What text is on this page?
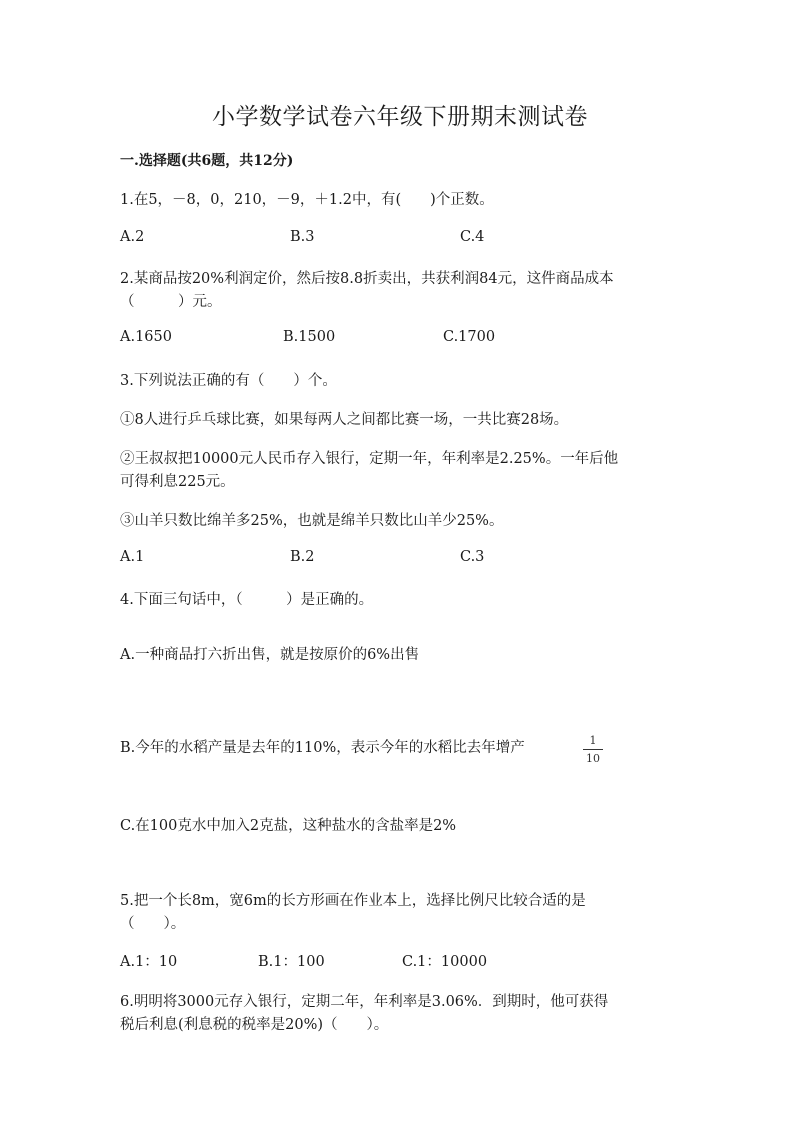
小学数学试卷六年级下册期末测试卷
一.选择题(共6题，共12分)
1.在5，－8，0，210，－9，＋1.2中，有(　　)个正数。
A.2	B.3	C.4
2.某商品按20%利润定价，然后按8.8折卖出，共获利润84元，这件商品成本
（　　　）元。
A.1650	B.1500	C.1700
3.下列说法正确的有（　　）个。
①8人进行乒乓球比赛，如果每两人之间都比赛一场，一共比赛28场。
②王叔叔把10000元人民币存入银行，定期一年，年利率是2.25%。一年后他
可得利息225元。
③山羊只数比绵羊多25%，也就是绵羊只数比山羊少25%。
A.1	B.2	C.3
4.下面三句话中，（　　　）是正确的。
A.一种商品打六折出售，就是按原价的6%出售
B.今年的水稻产量是去年的110%，表示今年的水稻比去年增产	1
10
C.在100克水中加入2克盐，这种盐水的含盐率是2%
5.把一个长8m，宽6m的长方形画在作业本上，选择比例尺比较合适的是
（　　）。
A.1：10	B.1：100	C.1：10000
6.明明将3000元存入银行，定期二年，年利率是3.06%．到期时，他可获得
税后利息(利息税的税率是20%)（　　）。
